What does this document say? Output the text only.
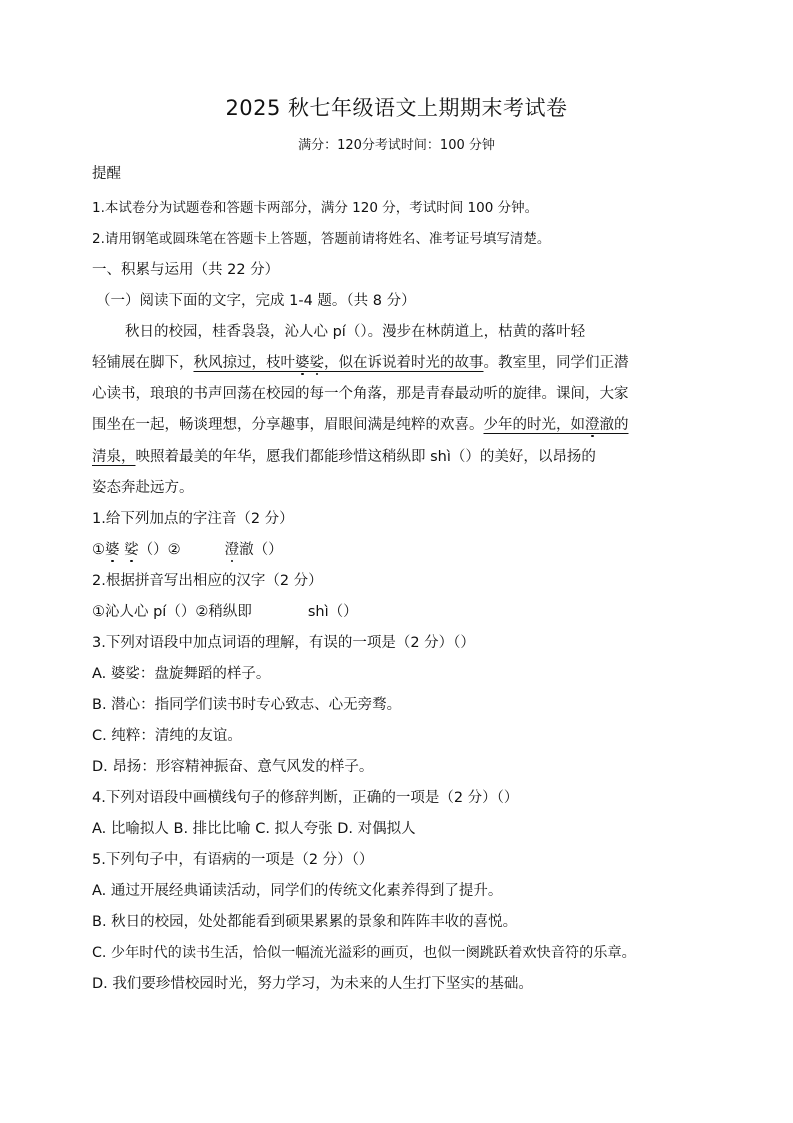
2025 秋七年级语文上期期末考试卷
满分：120分考试时间：100 分钟
提醒
1.本试卷分为试题卷和答题卡两部分，满分 120 分，考试时间 100 分钟。
2.请用钢笔或圆珠笔在答题卡上答题，答题前请将姓名、准考证号填写清楚。
一、积累与运用（共 22 分）
（一）阅读下面的文字，完成 1-4 题。（共 8 分）
秋日的校园，桂香袅袅，沁人心 pí（）。漫步在林荫道上，枯黄的落叶轻
轻铺展在脚下，秋风掠过，枝叶婆娑，似在诉说着时光的故事。教室里，同学们正潜
心读书，琅琅的书声回荡在校园的每一个角落，那是青春最动听的旋律。课间，大家
围坐在一起，畅谈理想，分享趣事，眉眼间满是纯粹的欢喜。少年的时光，如澄澈的
清泉，映照着最美的年华，愿我们都能珍惜这稍纵即 shì（）的美好，以昂扬的
姿态奔赴远方。
1.给下列加点的字注音（2 分）
①婆 娑（）②	澄澈（）
2.根据拼音写出相应的汉字（2 分）
①沁人心 pí（）②稍纵即	shì（）
3.下列对语段中加点词语的理解，有误的一项是（2 分）（）
A. 婆娑：盘旋舞蹈的样子。
B. 潜心：指同学们读书时专心致志、心无旁骛。
C. 纯粹：清纯的友谊。
D. 昂扬：形容精神振奋、意气风发的样子。
4.下列对语段中画横线句子的修辞判断，正确的一项是（2 分）（）
A. 比喻拟人 B. 排比比喻 C. 拟人夸张 D. 对偶拟人
5.下列句子中，有语病的一项是（2 分）（）
A. 通过开展经典诵读活动，同学们的传统文化素养得到了提升。
B. 秋日的校园，处处都能看到硕果累累的景象和阵阵丰收的喜悦。
C. 少年时代的读书生活，恰似一幅流光溢彩的画页，也似一阕跳跃着欢快音符的乐章。
D. 我们要珍惜校园时光，努力学习，为未来的人生打下坚实的基础。
